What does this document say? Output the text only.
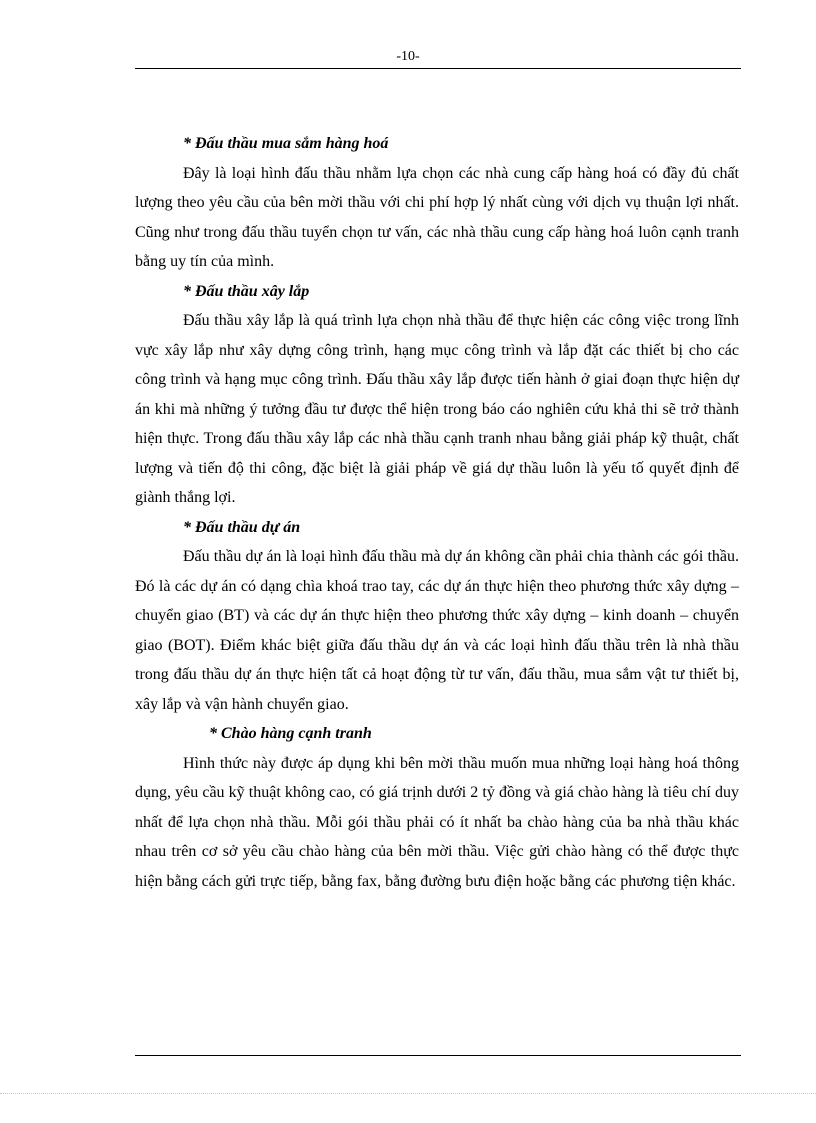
-10-

* Đấu thầu mua sắm hàng hoá

Đây là loại hình đấu thầu nhằm lựa chọn các nhà cung cấp hàng hoá có đầy đủ chất lượng theo yêu cầu của bên mời thầu với chi phí hợp lý nhất cùng với dịch vụ thuận lợi nhất. Cũng như trong đấu thầu tuyển chọn tư vấn, các nhà thầu cung cấp hàng hoá luôn cạnh tranh bằng uy tín của mình.

* Đấu thầu xây lắp

Đấu thầu xây lắp là quá trình lựa chọn nhà thầu để thực hiện các công việc trong lĩnh vực xây lắp như xây dựng công trình, hạng mục công trình và lắp đặt các thiết bị cho các công trình và hạng mục công trình. Đấu thầu xây lắp được tiến hành ở giai đoạn thực hiện dự án khi mà những ý tưởng đầu tư được thể hiện trong báo cáo nghiên cứu khả thi sẽ trở thành hiện thực. Trong đấu thầu xây lắp các nhà thầu cạnh tranh nhau bằng giải pháp kỹ thuật, chất lượng và tiến độ thi công, đặc biệt là giải pháp về giá dự thầu luôn là yếu tố quyết định để giành thắng lợi.

* Đấu thầu dự án

Đấu thầu dự án là loại hình đấu thầu mà dự án không cần phải chia thành các gói thầu. Đó là các dự án có dạng chìa khoá trao tay, các dự án thực hiện theo phương thức xây dựng – chuyển giao (BT) và các dự án thực hiện theo phương thức xây dựng – kinh doanh – chuyển giao (BOT). Điểm khác biệt giữa đấu thầu dự án và các loại hình đấu thầu trên là nhà thầu trong đấu thầu dự án thực hiện tất cả hoạt động từ tư vấn, đấu thầu, mua sắm vật tư thiết bị, xây lắp và vận hành chuyển giao.

* Chào hàng cạnh tranh

Hình thức này được áp dụng khi bên mời thầu muốn mua những loại hàng hoá thông dụng, yêu cầu kỹ thuật không cao, có giá trịnh dưới 2 tỷ đồng và giá chào hàng là tiêu chí duy nhất để lựa chọn nhà thầu. Mỗi gói thầu phải có ít nhất ba chào hàng của ba nhà thầu khác nhau trên cơ sở yêu cầu chào hàng của bên mời thầu. Việc gửi chào hàng có thể được thực hiện bằng cách gửi trực tiếp, bằng fax, bằng đường bưu điện hoặc bằng các phương tiện khác.
